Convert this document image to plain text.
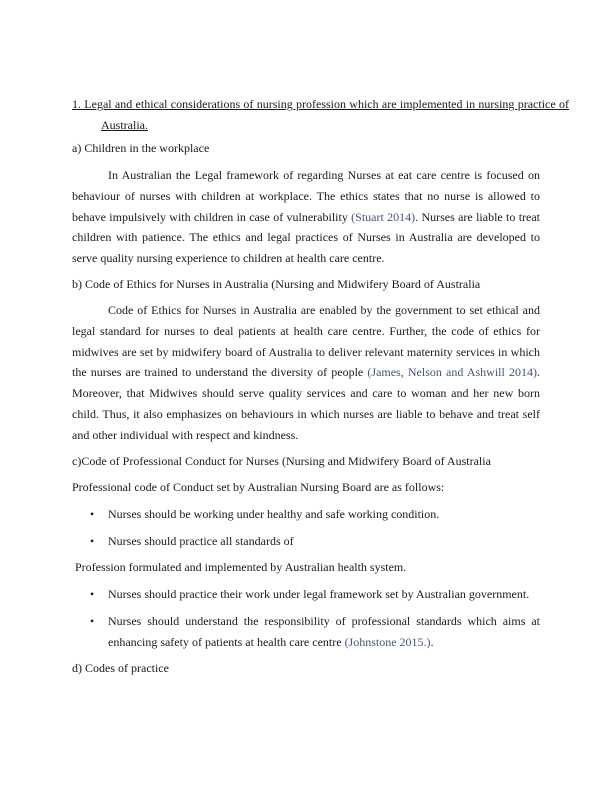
1. Legal and ethical considerations of nursing profession which are implemented in nursing practice of Australia.
a) Children in the workplace
In Australian the Legal framework of regarding Nurses at eat care centre is focused on behaviour of nurses with children at workplace. The ethics states that no nurse is allowed to behave impulsively with children in case of vulnerability (Stuart 2014). Nurses are liable to treat children with patience. The ethics and legal practices of Nurses in Australia are developed to serve quality nursing experience to children at health care centre.
b) Code of Ethics for Nurses in Australia (Nursing and Midwifery Board of Australia
Code of Ethics for Nurses in Australia are enabled by the government to set ethical and legal standard for nurses to deal patients at health care centre. Further, the code of ethics for midwives are set by midwifery board of Australia to deliver relevant maternity services in which the nurses are trained to understand the diversity of people (James, Nelson and Ashwill 2014). Moreover, that Midwives should serve quality services and care to woman and her new born child. Thus, it also emphasizes on behaviours in which nurses are liable to behave and treat self and other individual with respect and kindness.
c)Code of Professional Conduct for Nurses (Nursing and Midwifery Board of Australia
Professional code of Conduct set by Australian Nursing Board are as follows:
• Nurses should be working under healthy and safe working condition.
• Nurses should practice all standards of
Profession formulated and implemented by Australian health system.
• Nurses should practice their work under legal framework set by Australian government.
• Nurses should understand the responsibility of professional standards which aims at enhancing safety of patients at health care centre (Johnstone 2015.).
d) Codes of practice
